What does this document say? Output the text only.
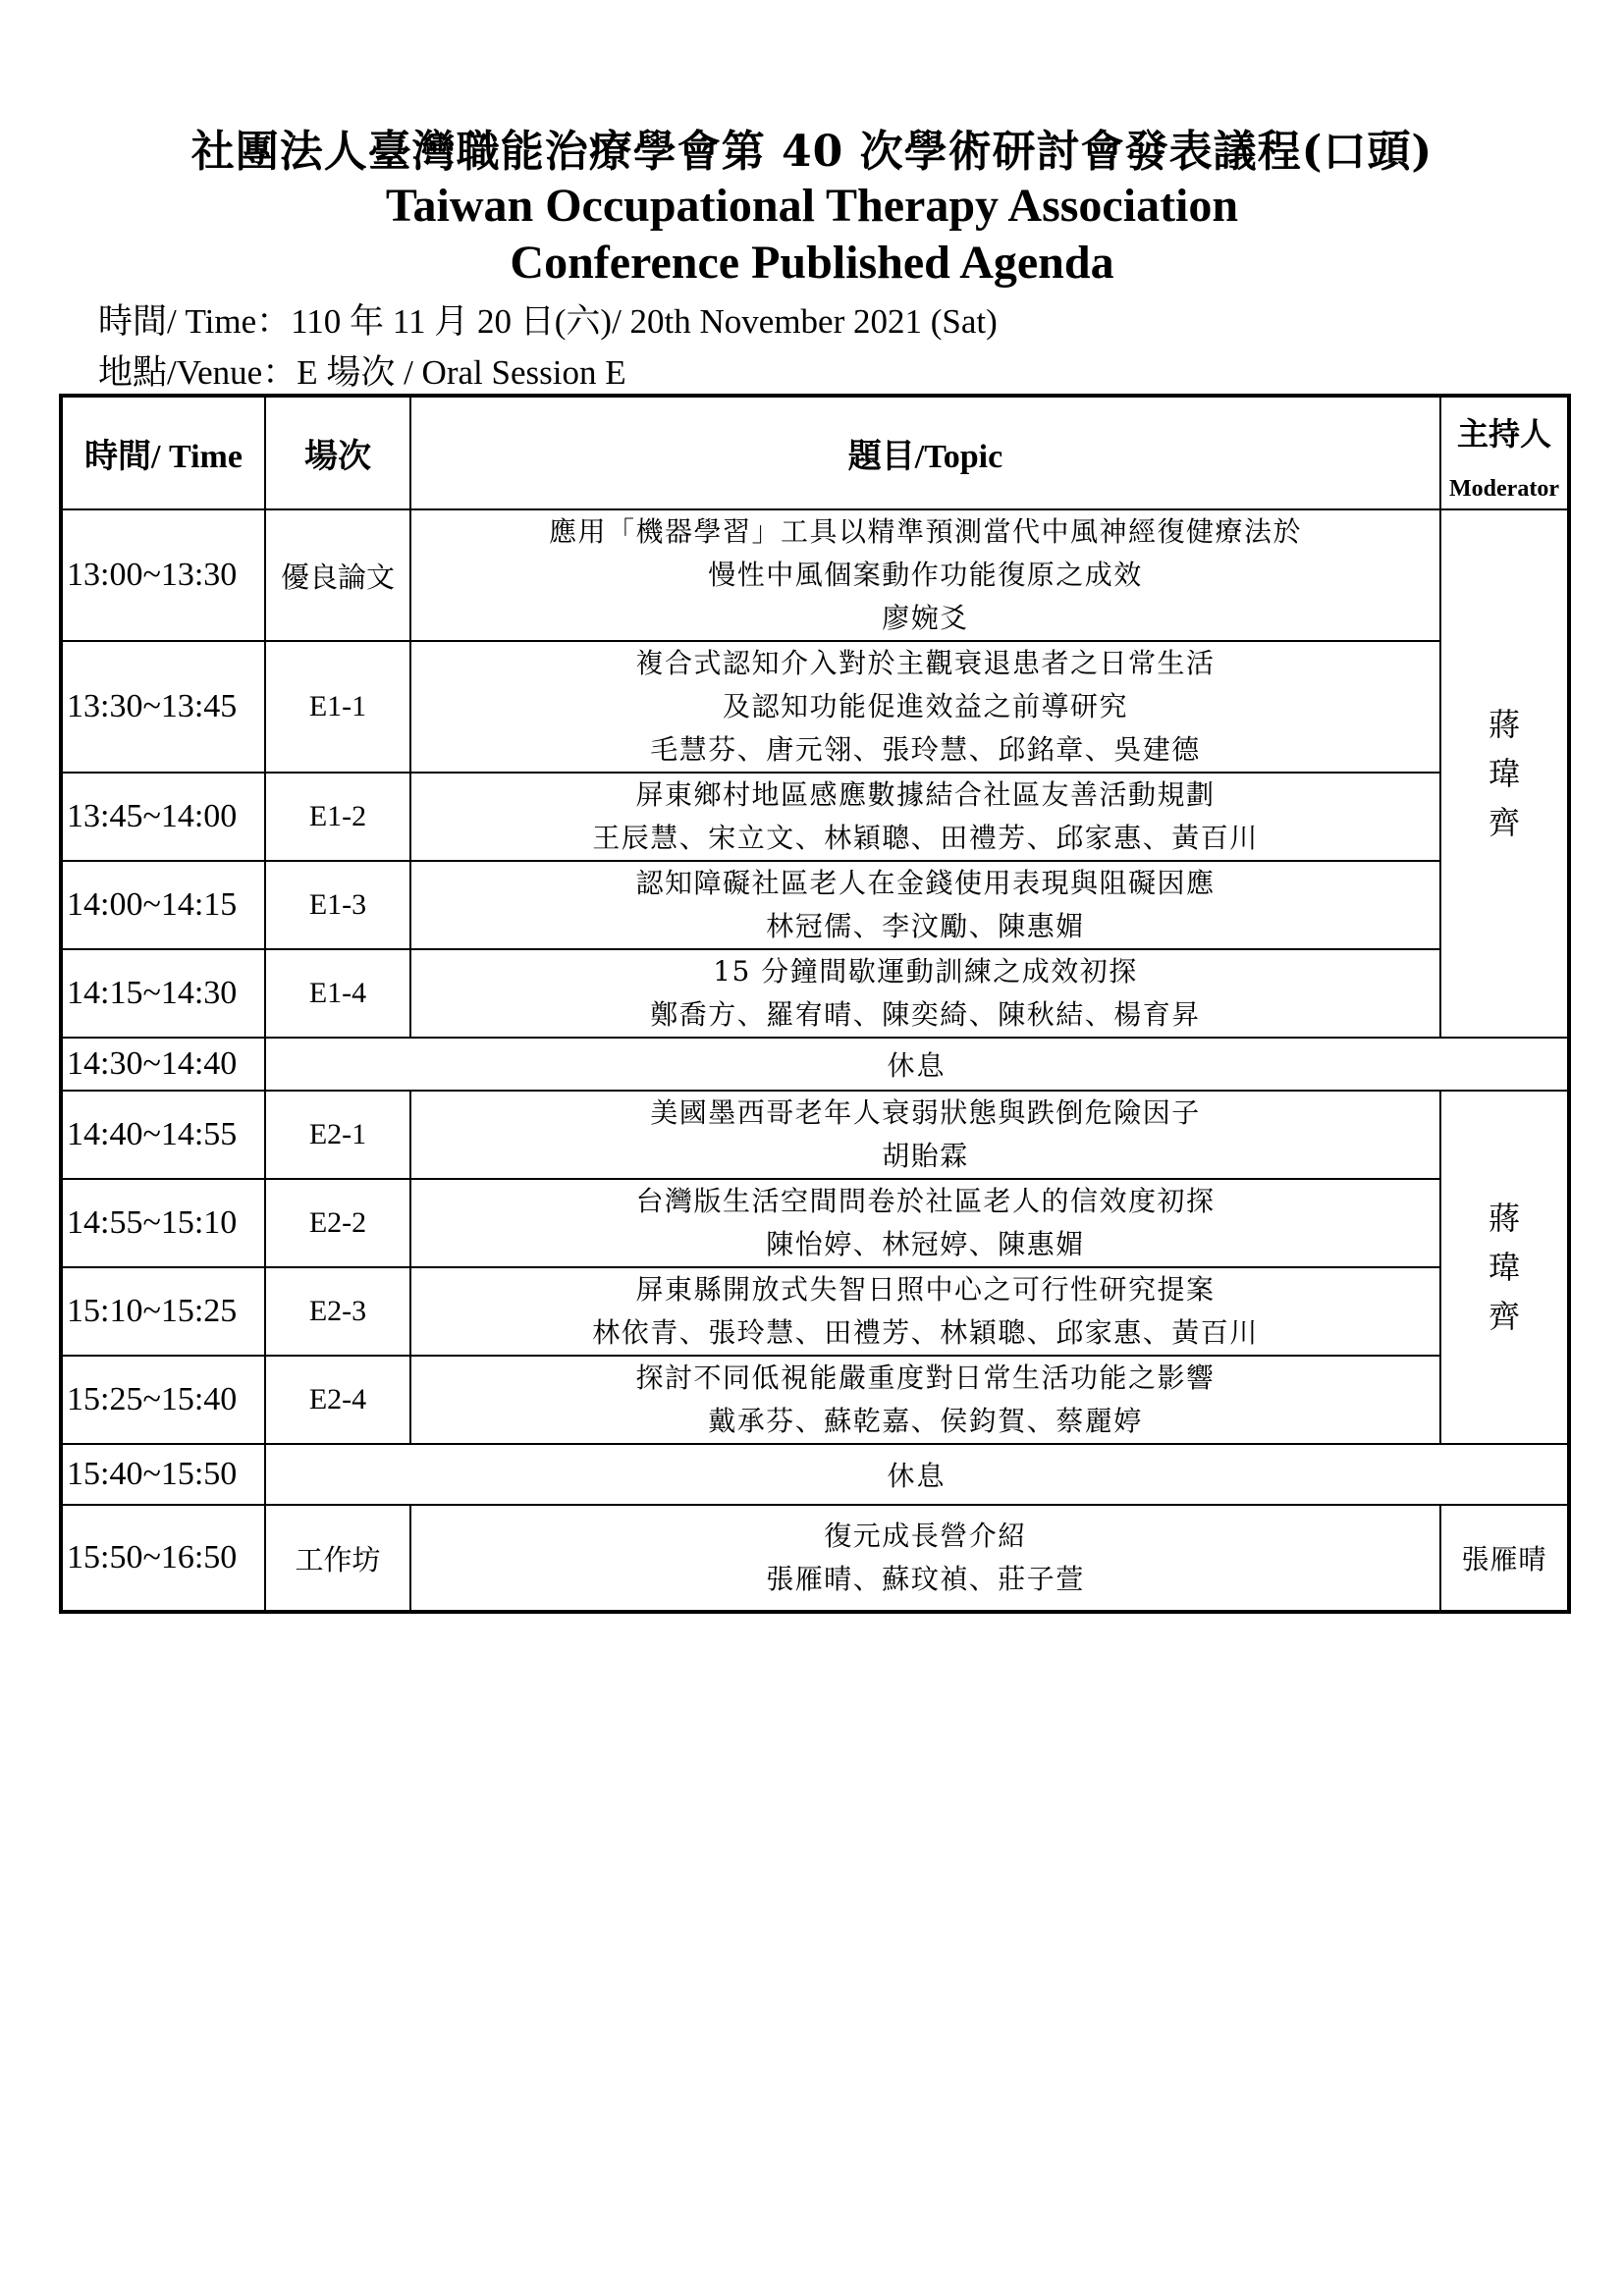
社團法人臺灣職能治療學會第 40 次學術研討會發表議程(口頭)
Taiwan Occupational Therapy Association
Conference Published Agenda
時間/ Time：110 年 11 月 20 日(六)/ 20th November 2021 (Sat)
地點/Venue：E 場次 / Oral Session E
時間/ Time	場次	題目/Topic	主持人
Moderator

13:00~13:30	優良論文	應用「機器學習」工具以精準預測當代中風神經復健療法於
慢性中風個案動作功能復原之成效
廖婉爻	蔣
瑋
齊

13:30~13:45	E1-1	複合式認知介入對於主觀衰退患者之日常生活
及認知功能促進效益之前導研究
毛慧芬、唐元翎、張玲慧、邱銘章、吳建德	

13:45~14:00	E1-2	屏東鄉村地區感應數據結合社區友善活動規劃
王辰慧、宋立文、林穎聰、田禮芳、邱家惠、黃百川	

14:00~14:15	E1-3	認知障礙社區老人在金錢使用表現與阻礙因應
林冠儒、李汶勵、陳惠媚	

14:15~14:30	E1-4	15 分鐘間歇運動訓練之成效初探
鄭喬方、羅宥晴、陳奕綺、陳秋結、楊育昇	

14:30~14:40	休息		
14:40~14:55	E2-1	美國墨西哥老年人衰弱狀態與跌倒危險因子
胡貽霖	蔣
瑋
齊

14:55~15:10	E2-2	台灣版生活空間問卷於社區老人的信效度初探
陳怡婷、林冠婷、陳惠媚	

15:10~15:25	E2-3	屏東縣開放式失智日照中心之可行性研究提案
林依青、張玲慧、田禮芳、林穎聰、邱家惠、黃百川	

15:25~15:40	E2-4	探討不同低視能嚴重度對日常生活功能之影響
戴承芬、蘇乾嘉、侯鈞賀、蔡麗婷	

15:40~15:50	休息		
15:50~16:50	工作坊	復元成長營介紹
張雁晴、蘇玟禎、莊子萱	張雁晴
